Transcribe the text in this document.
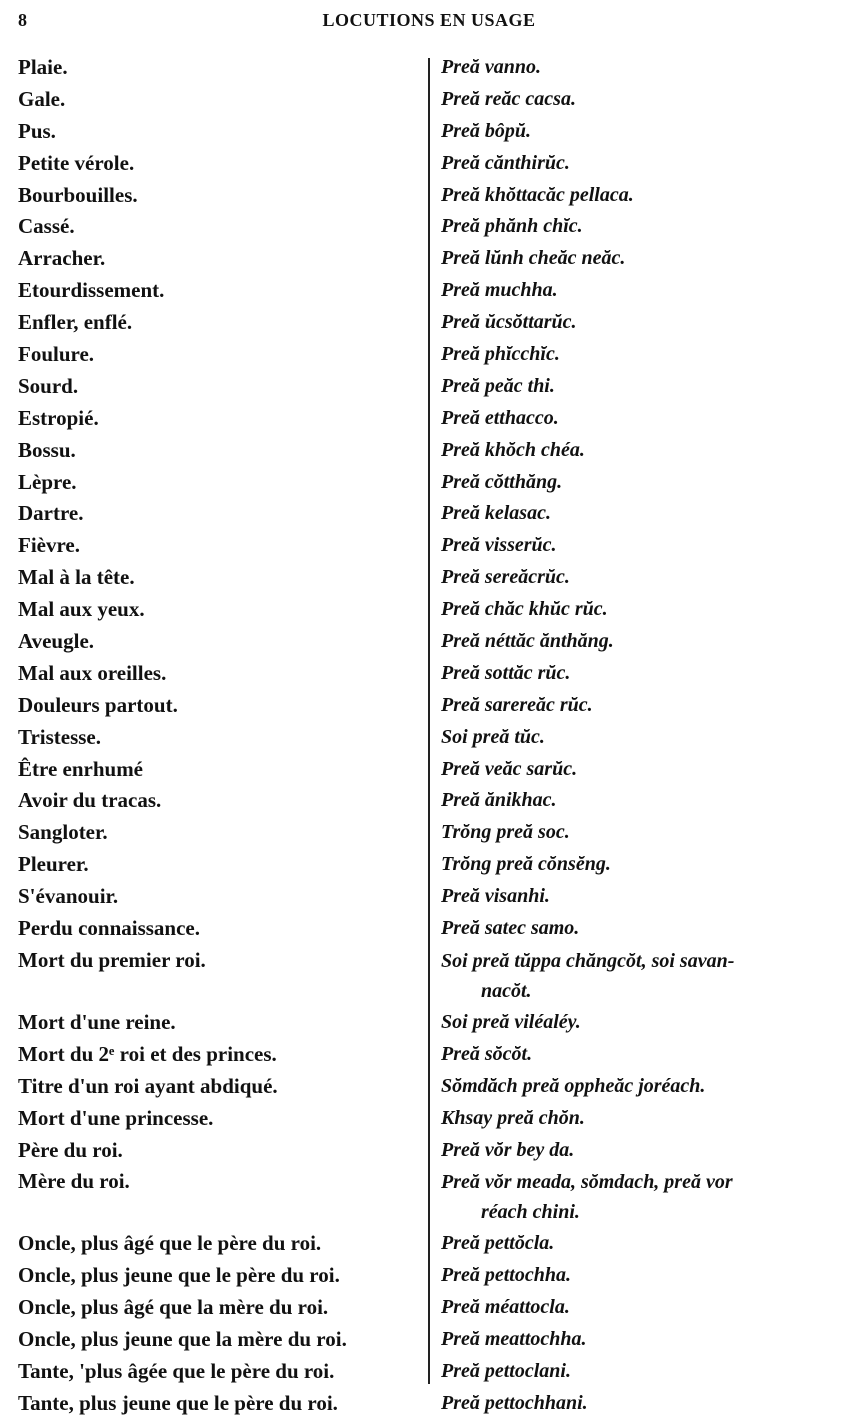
8	LOCUTIONS EN USAGE
Plaie.	Preă vanno.
Gale.	Preă reăc cacsa.
Pus.	Preă bôpŭ.
Petite vérole.	Preă cănthirŭc.
Bourbouilles.	Preă khŏttacăc pellaca.
Cassé.	Preă phănh chĭc.
Arracher.	Preă lŭnh cheăc neăc.
Etourdissement.	Preă muchha.
Enfler, enflé.	Preă ŭcsŏttarŭc.
Foulure.	Preă phĭcchĭc.
Sourd.	Preă peăc thi.
Estropié.	Preă etthacco.
Bossu.	Preă khŏch chéa.
Lèpre.	Preă cŏtthăng.
Dartre.	Preă kelasac.
Fièvre.	Preă visserŭc.
Mal à la tête.	Preă sereăcrŭc.
Mal aux yeux.	Preă chăc khŭc rŭc.
Aveugle.	Preă néttăc ănthăng.
Mal aux oreilles.	Preă sottăc rŭc.
Douleurs partout.	Preă sarereăc rŭc.
Tristesse.	Soi preă tŭc.
Être enrhumé	Preă veăc sarŭc.
Avoir du tracas.	Preă ănikhac.
Sangloter.	Trŏng preă soc.
Pleurer.	Trŏng preă cŏnsĕng.
S'évanouir.	Preă visanhi.
Perdu connaissance.	Preă satec samo.
Mort du premier roi.	Soi preă tŭppa chăngcŏt, soi savan-
nacŏt.
Mort d'une reine.	Soi preă viléaléy.
Mort du 2ᵉ roi et des princes.	Preă sŏcŏt.
Titre d'un roi ayant abdiqué.	Sŏmdăch preă oppheăc joréach.
Mort d'une princesse.	Khsay preă chŏn.
Père du roi.	Preă vŏr bey da.
Mère du roi.	Preă vŏr meada, sŏmdach, preă vor
réach chini.
Oncle, plus âgé que le père du roi.	Preă pettŏcla.
Oncle, plus jeune que le père du roi.	Preă pettochha.
Oncle, plus âgé que la mère du roi.	Preă méattocla.
Oncle, plus jeune que la mère du roi.	Preă meattochha.
Tante, 'plus âgée que le père du roi.	Preă pettoclani.
Tante, plus jeune que le père du roi.	Preă pettochhani.
